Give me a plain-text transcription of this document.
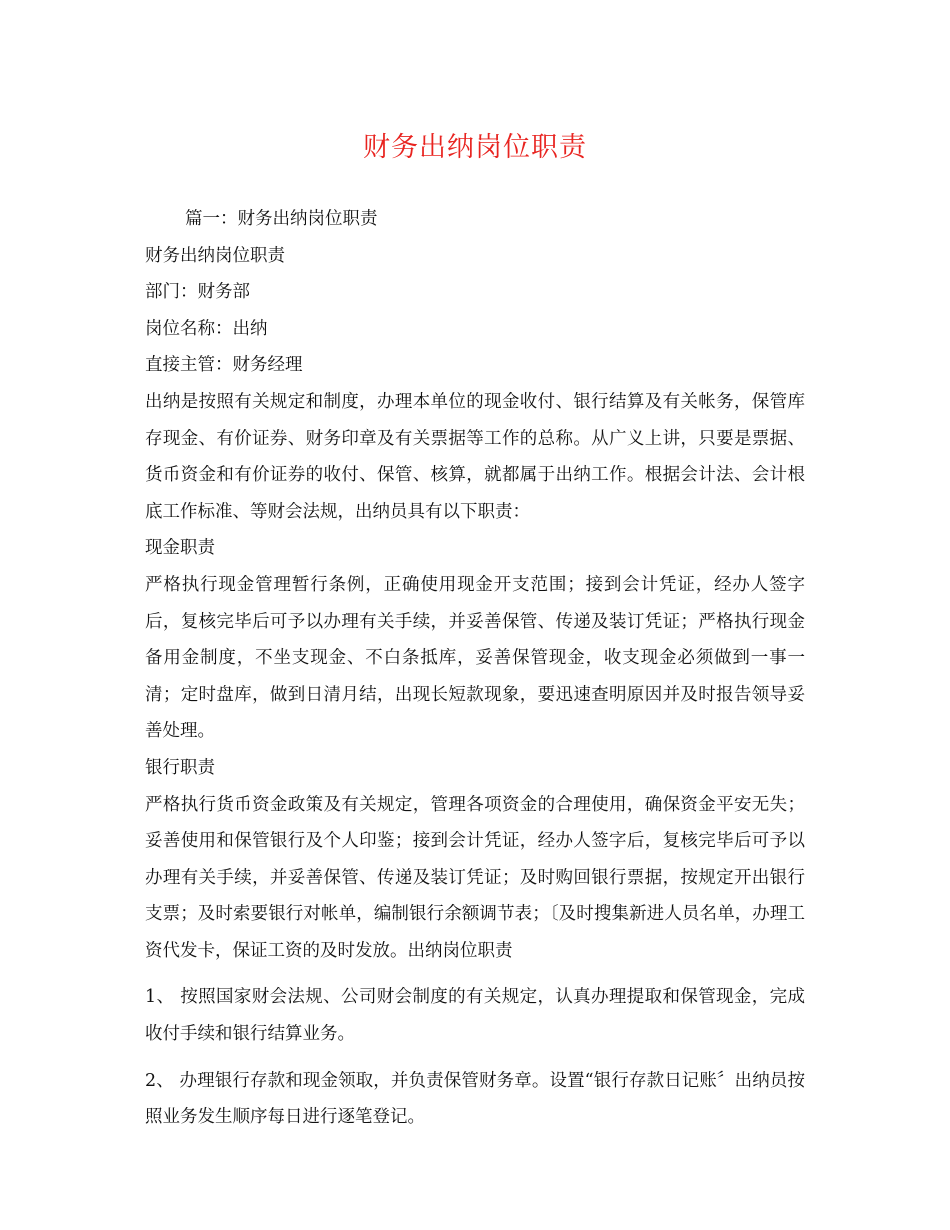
财务出纳岗位职责

篇一：财务出纳岗位职责

财务出纳岗位职责

部门：财务部

岗位名称：出纳

直接主管：财务经理

出纳是按照有关规定和制度，办理本单位的现金收付、银行结算及有关帐务，保管库存现金、有价证券、财务印章及有关票据等工作的总称。从广义上讲，只要是票据、货币资金和有价证券的收付、保管、核算，就都属于出纳工作。根据会计法、会计根底工作标准、等财会法规，出纳员具有以下职责：

现金职责

严格执行现金管理暂行条例，正确使用现金开支范围；接到会计凭证，经办人签字后，复核完毕后可予以办理有关手续，并妥善保管、传递及装订凭证；严格执行现金备用金制度，不坐支现金、不白条抵库，妥善保管现金，收支现金必须做到一事一清；定时盘库，做到日清月结，出现长短款现象，要迅速查明原因并及时报告领导妥善处理。

银行职责

严格执行货币资金政策及有关规定，管理各项资金的合理使用，确保资金平安无失；妥善使用和保管银行及个人印鉴；接到会计凭证，经办人签字后，复核完毕后可予以办理有关手续，并妥善保管、传递及装订凭证；及时购回银行票据，按规定开出银行支票；及时索要银行对帐单，编制银行余额调节表；〔及时搜集新进人员名单，办理工资代发卡，保证工资的及时发放。出纳岗位职责

1、 按照国家财会法规、公司财会制度的有关规定，认真办理提取和保管现金，完成收付手续和银行结算业务。

2、 办理银行存款和现金领取，并负责保管财务章。设置“银行存款日记账〞出纳员按照业务发生顺序每日进行逐笔登记。
